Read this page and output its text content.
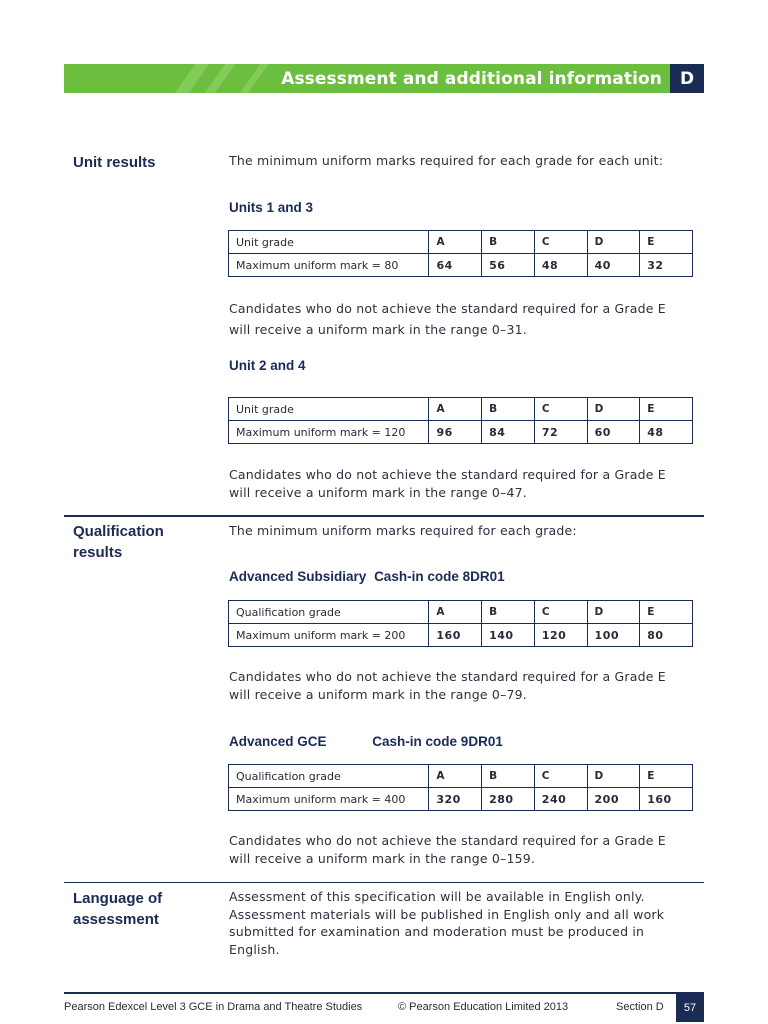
Assessment and additional information	D
Unit results	The minimum uniform marks required for each grade for each unit:
Units 1 and 3
Unit grade	A	B	C	D	E
Maximum uniform mark = 80	64	56	48	40	32
Candidates who do not achieve the standard required for a Grade E
will receive a uniform mark in the range 0–31.
Unit 2 and 4
Unit grade	A	B	C	D	E
Maximum uniform mark = 120	96	84	72	60	48
Candidates who do not achieve the standard required for a Grade E
will receive a uniform mark in the range 0–47.
Qualification
results
The minimum uniform marks required for each grade:
Advanced Subsidiary Cash-in code 8DR01
Qualification grade	A	B	C	D	E
Maximum uniform mark = 200	160	140	120	100	80
Candidates who do not achieve the standard required for a Grade E
will receive a uniform mark in the range 0–79.
Advanced GCE	Cash-in code 9DR01
Qualification grade	A	B	C	D	E
Maximum uniform mark = 400	320	280	240	200	160
Candidates who do not achieve the standard required for a Grade E
will receive a uniform mark in the range 0–159.
Language of
assessment
Assessment of this specification will be available in English only.
Assessment materials will be published in English only and all work
submitted for examination and moderation must be produced in
English.
Pearson Edexcel Level 3 GCE in Drama and Theatre Studies	© Pearson Education Limited 2013	Section D	57
